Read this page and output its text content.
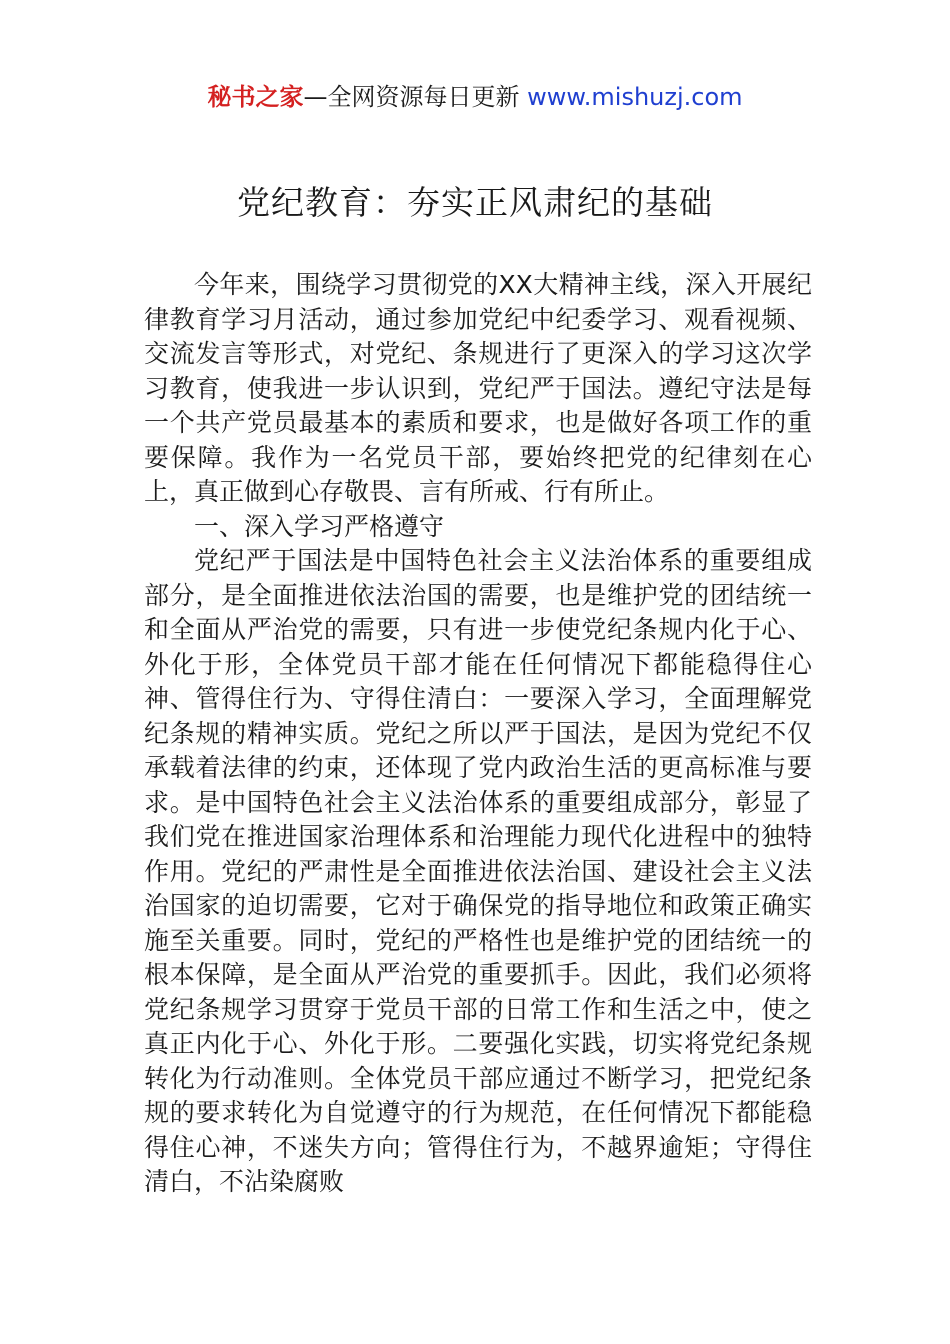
秘书之家—全网资源每日更新 www.mishuzj.com
党纪教育：夯实正风肃纪的基础

今年来，围绕学习贯彻党的XX大精神主线，深入开展纪律教育学习月活动，通过参加党纪中纪委学习、观看视频、交流发言等形式，对党纪、条规进行了更深入的学习这次学习教育，使我进一步认识到，党纪严于国法。遵纪守法是每一个共产党员最基本的素质和要求，也是做好各项工作的重要保障。我作为一名党员干部，要始终把党的纪律刻在心上，真正做到心存敬畏、言有所戒、行有所止。

一、深入学习严格遵守

党纪严于国法是中国特色社会主义法治体系的重要组成部分，是全面推进依法治国的需要，也是维护党的团结统一和全面从严治党的需要，只有进一步使党纪条规内化于心、外化于形，全体党员干部才能在任何情况下都能稳得住心神、管得住行为、守得住清白：一要深入学习，全面理解党纪条规的精神实质。党纪之所以严于国法，是因为党纪不仅承载着法律的约束，还体现了党内政治生活的更高标准与要求。是中国特色社会主义法治体系的重要组成部分，彰显了我们党在推进国家治理体系和治理能力现代化进程中的独特作用。党纪的严肃性是全面推进依法治国、建设社会主义法治国家的迫切需要，它对于确保党的指导地位和政策正确实施至关重要。同时，党纪的严格性也是维护党的团结统一的根本保障，是全面从严治党的重要抓手。因此，我们必须将党纪条规学习贯穿于党员干部的日常工作和生活之中，使之真正内化于心、外化于形。二要强化实践，切实将党纪条规转化为行动准则。全体党员干部应通过不断学习，把党纪条规的要求转化为自觉遵守的行为规范，在任何情况下都能稳得住心神，不迷失方向；管得住行为，不越界逾矩；守得住清白，不沾染腐败
